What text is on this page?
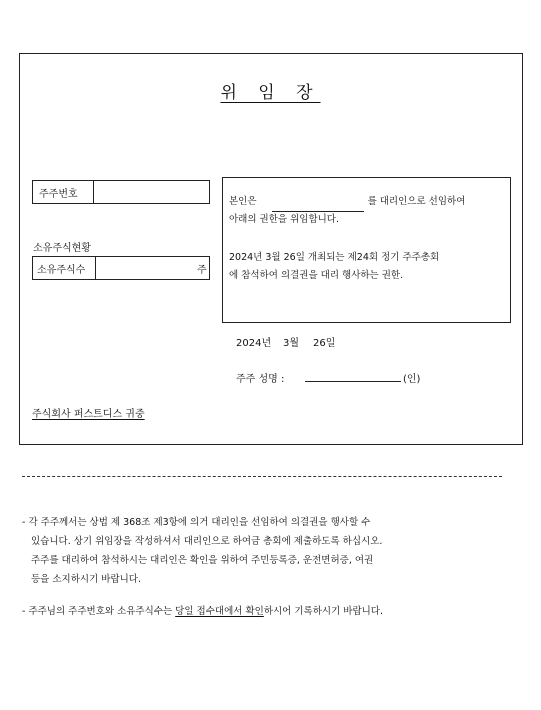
위 임 장
주주번호
소유주식현황
소유주식수	주
본인은	를 대리인으로 선임하여
아래의 권한을 위임합니다.
2024년 3월 26일 개최되는 제24회 정기 주주총회
에 참석하여 의결권을 대리 행사하는 권한.
2024년 3월 26일
주주 성명 :	(인)
주식회사 퍼스트디스 귀중
- 각 주주께서는 상법 제 368조 제3항에 의거 대리인을 선임하여 의결권을 행사할 수
있습니다. 상기 위임장을 작성하셔서 대리인으로 하여금 총회에 제출하도록 하십시오.
주주를 대리하여 참석하시는 대리인은 확인을 위하여 주민등록증, 운전면허증, 여권
등을 소지하시기 바랍니다.
- 주주님의 주주번호와 소유주식수는 당일 접수대에서 확인하시어 기록하시기 바랍니다.
